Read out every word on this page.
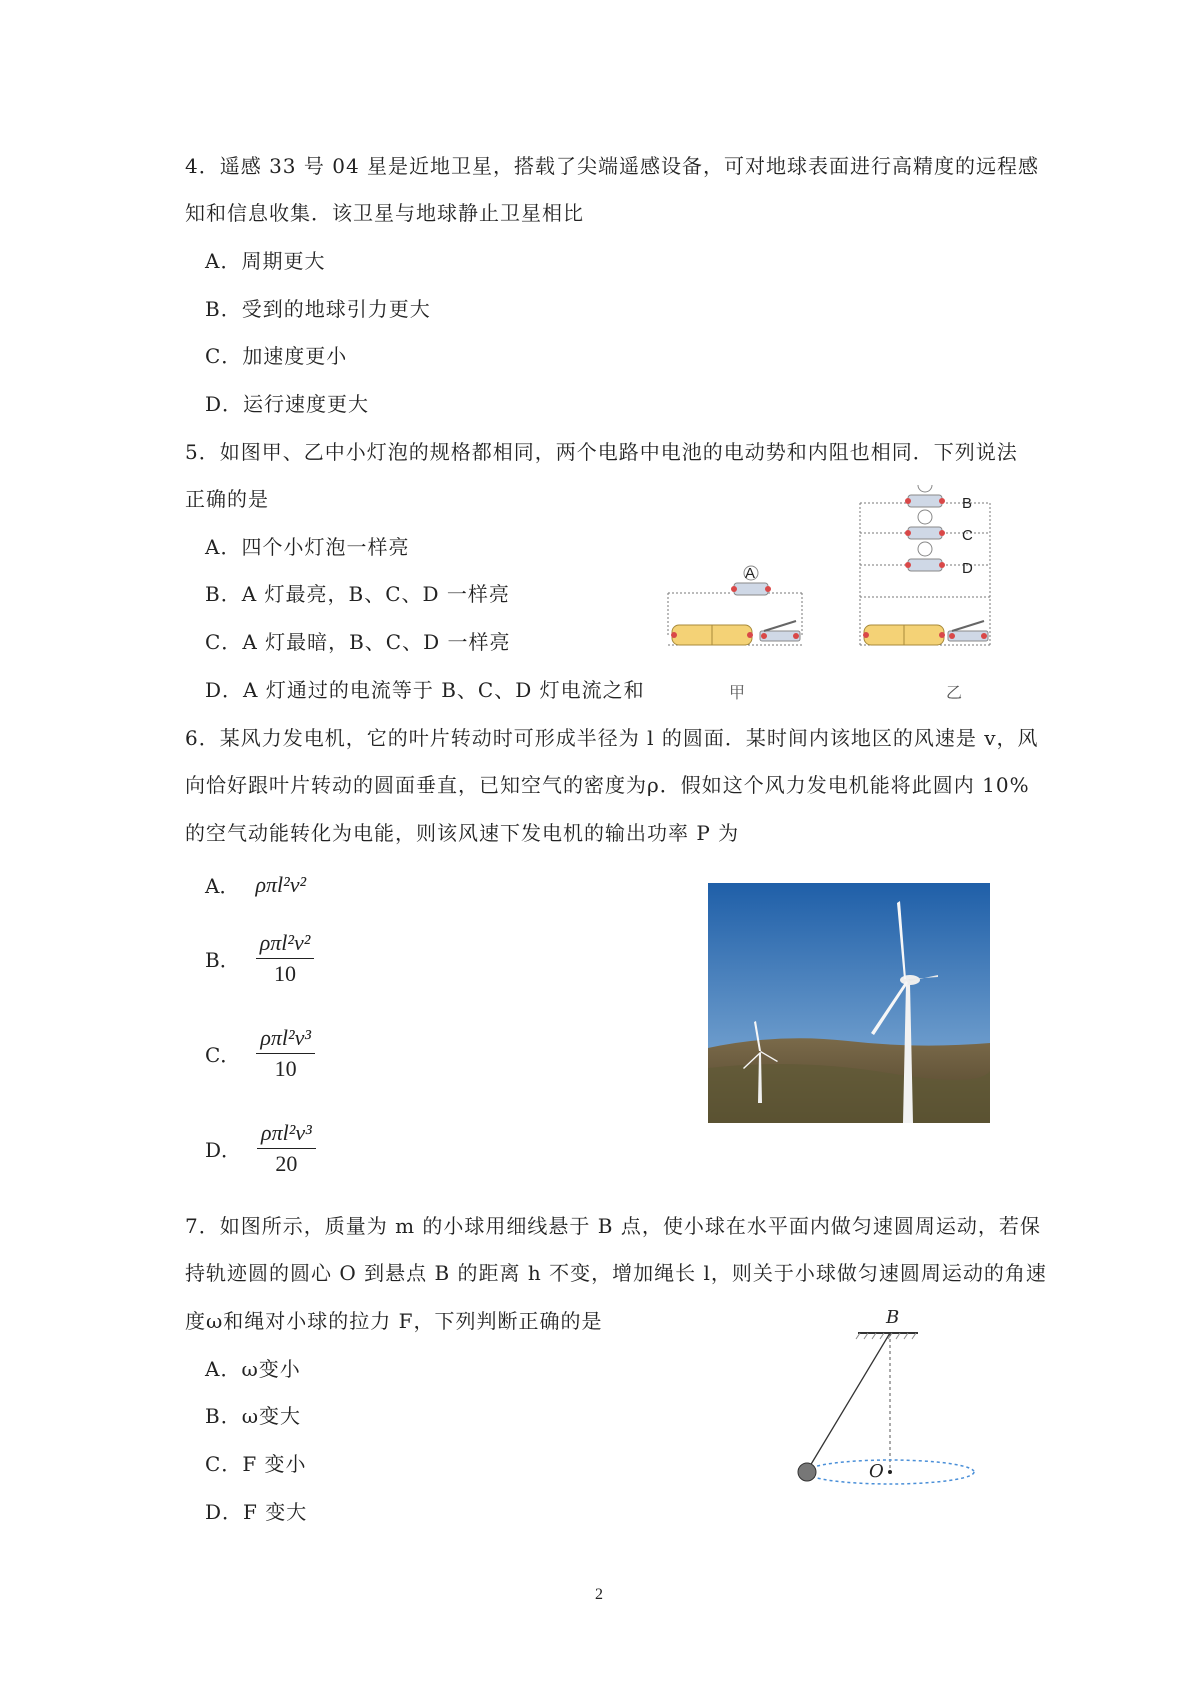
4．遥感 33 号 04 星是近地卫星，搭载了尖端遥感设备，可对地球表面进行高精度的远程感
知和信息收集．该卫星与地球静止卫星相比
A．周期更大
B．受到的地球引力更大
C．加速度更小
D．运行速度更大
5．如图甲、乙中小灯泡的规格都相同，两个电路中电池的电动势和内阻也相同．下列说法
正确的是
A．四个小灯泡一样亮
B．A 灯最亮，B、C、D 一样亮
C．A 灯最暗，B、C、D 一样亮
D．A 灯通过的电流等于 B、C、D 灯电流之和
A
B
C
D
甲	乙
6．某风力发电机，它的叶片转动时可形成半径为 l 的圆面．某时间内该地区的风速是 v，风
向恰好跟叶片转动的圆面垂直，已知空气的密度为ρ．假如这个风力发电机能将此圆内 10%
的空气动能转化为电能，则该风速下发电机的输出功率 P 为
A． ρπl²v²
B． $\frac{\text{ρπl²v²}}{10}$
C． $\frac{\text{ρπl²v³}}{10}$
D． $\frac{\text{ρπl²v³}}{20}$
7．如图所示，质量为 m 的小球用细线悬于 B 点，使小球在水平面内做匀速圆周运动，若保
持轨迹圆的圆心 O 到悬点 B 的距离 h 不变，增加绳长 l，则关于小球做匀速圆周运动的角速
度ω和绳对小球的拉力 F，下列判断正确的是
A．ω变小
B．ω变大
C．F 变小
D．F 变大
B
O
2
